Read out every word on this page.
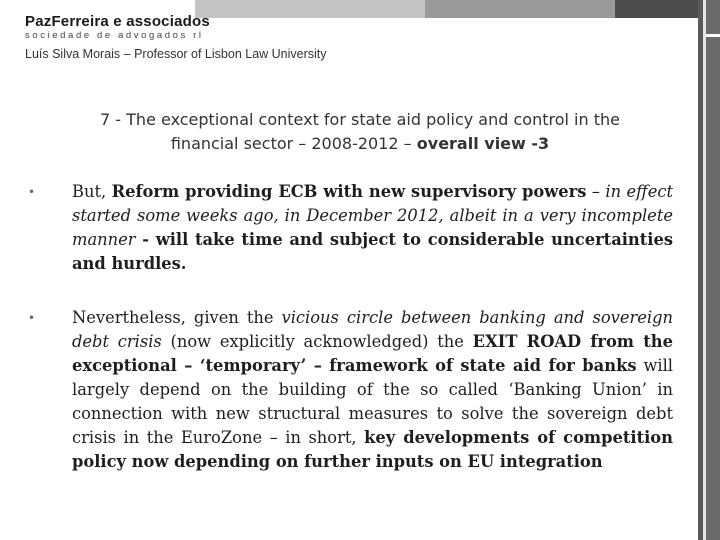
PazFerreira e associados
sociedade de advogados rl
Luís Silva Morais – Professor of Lisbon Law University
7 - The exceptional context for state aid policy and control in the
financial sector – 2008-2012 – overall view -3
•	But, Reform providing ECB with new supervisory powers – in effect started some weeks ago, in December 2012, albeit in a very incomplete manner - will take time and subject to considerable uncertainties and hurdles.
•	Nevertheless, given the vicious circle between banking and sovereign debt crisis (now explicitly acknowledged) the EXIT ROAD from the exceptional – ‘temporary’ – framework of state aid for banks will largely depend on the building of the so called ‘Banking Union’ in connection with new structural measures to solve the sovereign debt crisis in the EuroZone – in short, key developments of competition policy now depending on further inputs on EU integration
